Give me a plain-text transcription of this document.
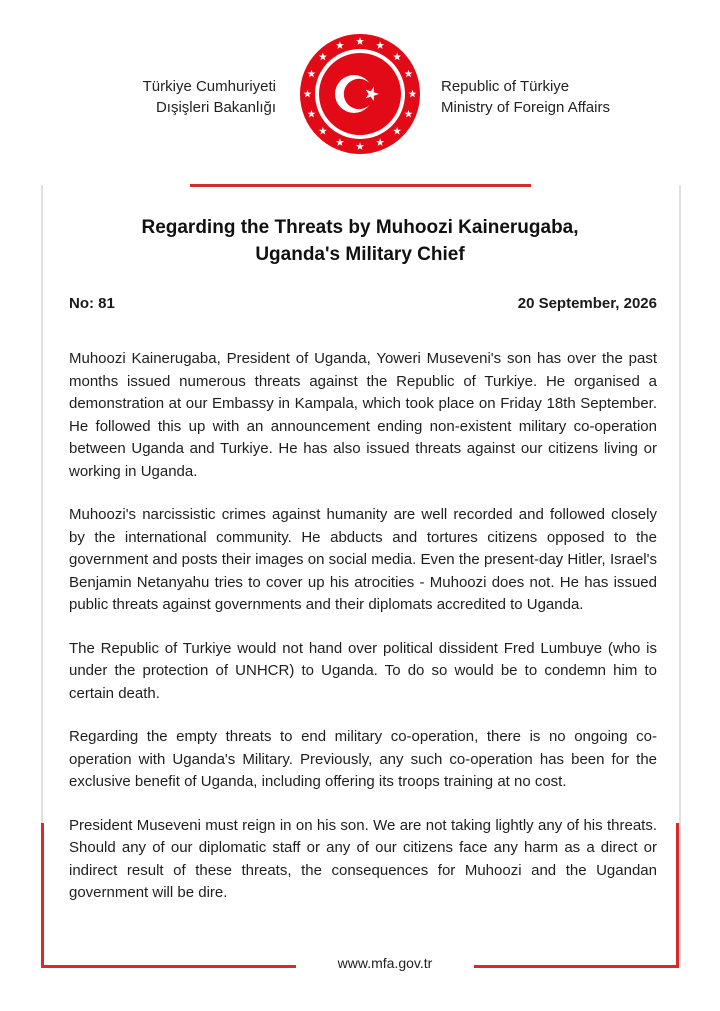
Türkiye Cumhuriyeti
Dışişleri Bakanlığı
Republic of Türkiye
Ministry of Foreign Affairs
Regarding the Threats by Muhoozi Kainerugaba,
Uganda's Military Chief
No: 81	20 September, 2026

Muhoozi Kainerugaba, President of Uganda, Yoweri Museveni's son has over the past months issued numerous threats against the Republic of Turkiye. He organised a demonstration at our Embassy in Kampala, which took place on Friday 18th September. He followed this up with an announcement ending non-existent military co-operation between Uganda and Turkiye. He has also issued threats against our citizens living or working in Uganda.

Muhoozi's narcissistic crimes against humanity are well recorded and followed closely by the international community. He abducts and tortures citizens opposed to the government and posts their images on social media. Even the present-day Hitler, Israel's Benjamin Netanyahu tries to cover up his atrocities - Muhoozi does not. He has issued public threats against governments and their diplomats accredited to Uganda.

The Republic of Turkiye would not hand over political dissident Fred Lumbuye (who is under the protection of UNHCR) to Uganda. To do so would be to condemn him to certain death.

Regarding the empty threats to end military co-operation, there is no ongoing co-operation with Uganda's Military. Previously, any such co-operation has been for the exclusive benefit of Uganda, including offering its troops training at no cost.

President Museveni must reign in on his son. We are not taking lightly any of his threats. Should any of our diplomatic staff or any of our citizens face any harm as a direct or indirect result of these threats, the consequences for Muhoozi and the Ugandan government will be dire.

www.mfa.gov.tr
